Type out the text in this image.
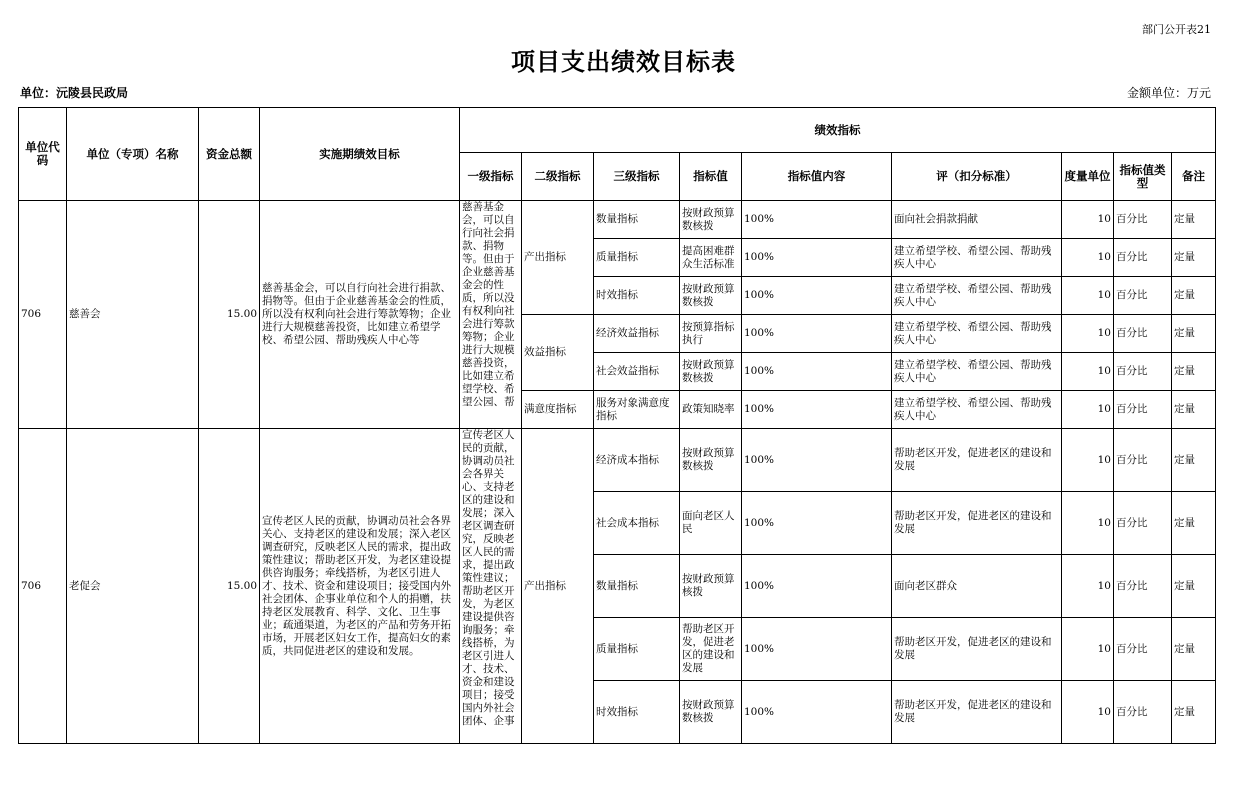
部门公开表21
项目支出绩效目标表
单位：沅陵县民政局	金额单位：万元
单位代码	单位（专项）名称	资金总额	实施期绩效目标	绩效指标								
				一级指标	二级指标	三级指标	指标值	指标值内容	评（扣分标准）	度量单位	指标值类型	备注
706	慈善会	15.00	慈善基金会，可以自行向社会进行捐款、捐物等。但由于企业慈善基金会的性质，所以没有权利向社会进行筹款筹物；企业进行大规模慈善投资，比如建立希望学校、希望公园、帮助残疾人中心等	慈善基金会，可以自行向社会捐款、捐物等。但由于企业慈善基金会的性质，所以没有权利向社会进行筹款筹物；企业进行大规模慈善投资，比如建立希望学校、希望公园、帮	产出指标	数量指标	按财政预算数核拨	100%	面向社会捐款捐献	10	百分比	定量
						质量指标	提高困难群众生活标准	100%	建立希望学校、希望公园、帮助残疾人中心	10	百分比	定量
						时效指标	按财政预算数核拨	100%	建立希望学校、希望公园、帮助残疾人中心	10	百分比	定量
					效益指标	经济效益指标	按预算指标执行	100%	建立希望学校、希望公园、帮助残疾人中心	10	百分比	定量
						社会效益指标	按财政预算数核拨	100%	建立希望学校、希望公园、帮助残疾人中心	10	百分比	定量
					满意度指标	服务对象满意度指标	政策知晓率	100%	建立希望学校、希望公园、帮助残疾人中心	10	百分比	定量
706	老促会	15.00	宣传老区人民的贡献，协调动员社会各界关心、支持老区的建设和发展；深入老区调查研究，反映老区人民的需求，提出政策性建议；帮助老区开发，为老区建设提供咨询服务；牵线搭桥，为老区引进人才、技术、资金和建设项目；接受国内外社会团体、企事业单位和个人的捐赠，扶持老区发展教育、科学、文化、卫生事业；疏通渠道，为老区的产品和劳务开拓市场，开展老区妇女工作，提高妇女的素质，共同促进老区的建设和发展。	宣传老区人民的贡献，协调动员社会各界关心、支持老区的建设和发展；深入老区调查研究，反映老区人民的需求，提出政策性建议；帮助老区开发，为老区建设提供咨询服务；牵线搭桥，为老区引进人才、技术、资金和建设项目；接受国内外社会团体、企事	产出指标	经济成本指标	按财政预算数核拨	100%	帮助老区开发，促进老区的建设和发展	10	百分比	定量
						社会成本指标	面向老区人民	100%	帮助老区开发，促进老区的建设和发展	10	百分比	定量
						数量指标	按财政预算核拨	100%	面向老区群众	10	百分比	定量
						质量指标	帮助老区开发，促进老区的建设和发展	100%	帮助老区开发，促进老区的建设和发展	10	百分比	定量
						时效指标	按财政预算数核拨	100%	帮助老区开发，促进老区的建设和发展	10	百分比	定量
